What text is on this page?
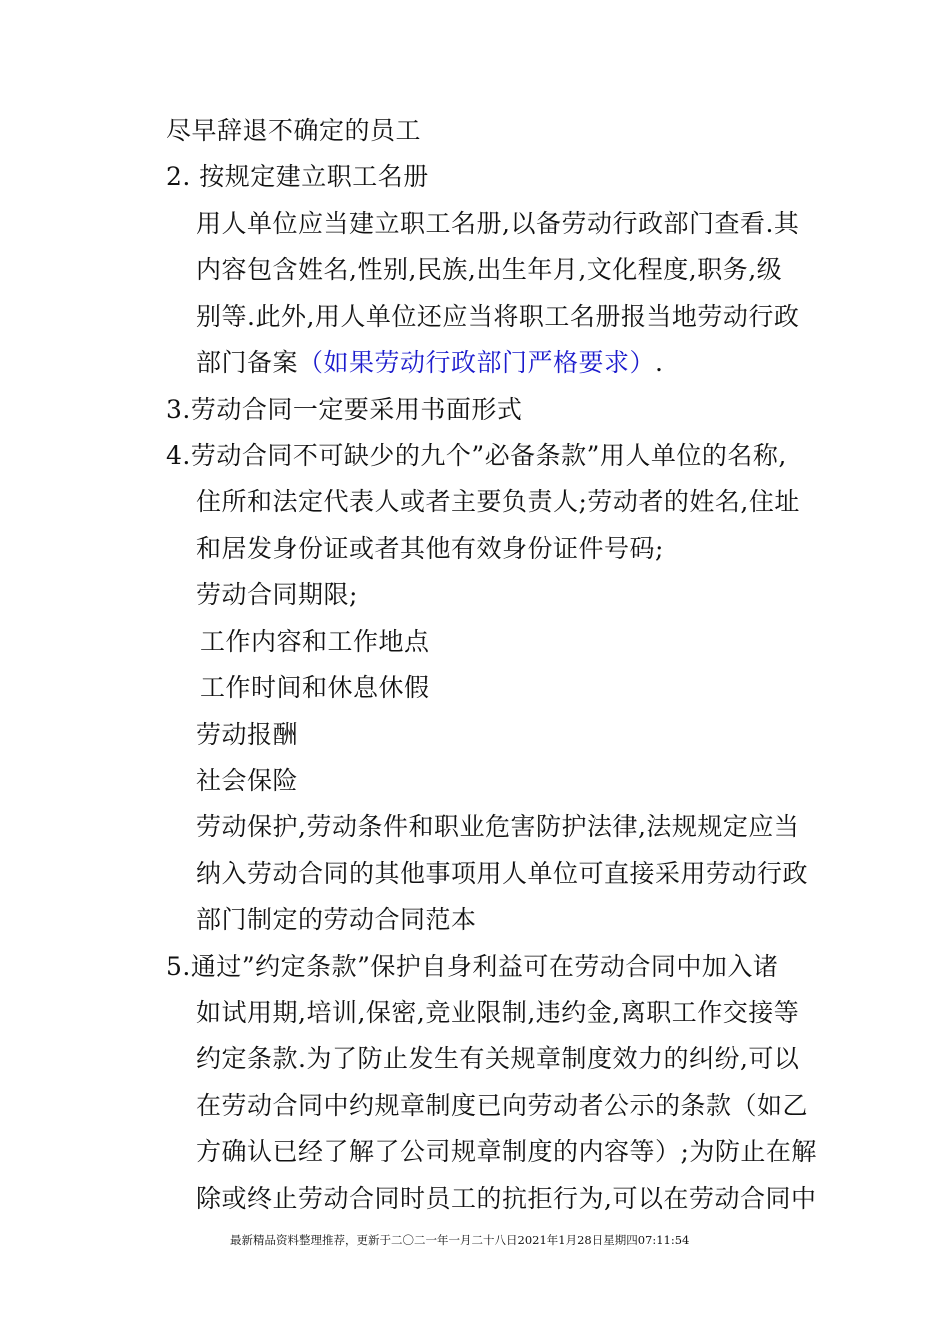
尽早辞退不确定的员工
2. 按规定建立职工名册
用人单位应当建立职工名册,以备劳动行政部门查看.其
内容包含姓名,性别,民族,出生年月,文化程度,职务,级
别等.此外,用人单位还应当将职工名册报当地劳动行政
部门备案（如果劳动行政部门严格要求）.
3.劳动合同一定要采用书面形式
4.劳动合同不可缺少的九个”必备条款”用人单位的名称,
住所和法定代表人或者主要负责人;劳动者的姓名,住址
和居发身份证或者其他有效身份证件号码;
劳动合同期限;
工作内容和工作地点
工作时间和休息休假
劳动报酬
社会保险
劳动保护,劳动条件和职业危害防护法律,法规规定应当
纳入劳动合同的其他事项用人单位可直接采用劳动行政
部门制定的劳动合同范本
5.通过”约定条款”保护自身利益可在劳动合同中加入诸
如试用期,培训,保密,竞业限制,违约金,离职工作交接等
约定条款.为了防止发生有关规章制度效力的纠纷,可以
在劳动合同中约规章制度已向劳动者公示的条款（如乙
方确认已经了解了公司规章制度的内容等）;为防止在解
除或终止劳动合同时员工的抗拒行为,可以在劳动合同中
最新精品资料整理推荐，更新于二〇二一年一月二十八日2021年1月28日星期四07:11:54
